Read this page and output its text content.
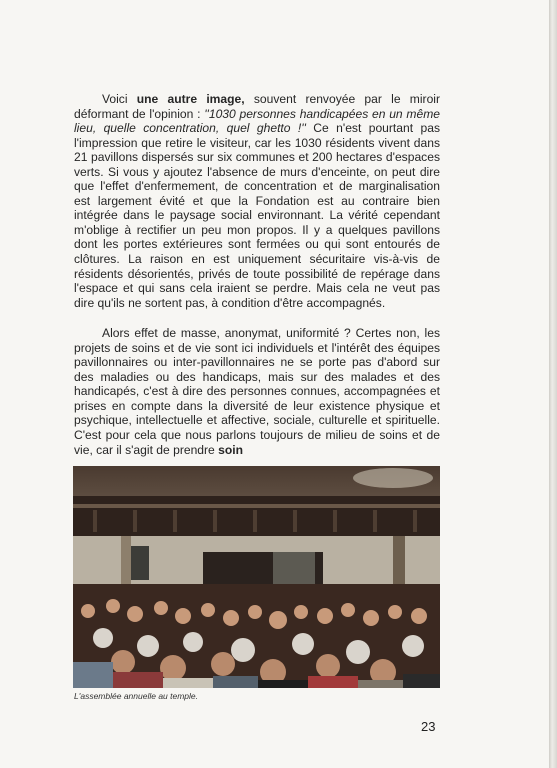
Voici une autre image, souvent renvoyée par le miroir déformant de l'opinion : ''1030 personnes handicapées en un même lieu, quelle concentration, quel ghetto !'' Ce n'est pourtant pas l'impression que retire le visiteur, car les 1030 résidents vivent dans 21 pavillons dispersés sur six communes et 200 hectares d'espaces verts. Si vous y ajoutez l'absence de murs d'enceinte, on peut dire que l'effet d'enfermement, de concentration et de marginalisation est largement évité et que la Fondation est au contraire bien intégrée dans le paysage social environnant. La vérité cependant m'oblige à rectifier un peu mon propos. Il y a quelques pavillons dont les portes extérieures sont fermées ou qui sont entourés de clôtures. La raison en est uniquement sécuritaire vis-à-vis de résidents désorientés, privés de toute possibilité de repérage dans l'espace et qui sans cela iraient se perdre. Mais cela ne veut pas dire qu'ils ne sortent pas, à condition d'être accompagnés.

Alors effet de masse, anonymat, uniformité ? Certes non, les projets de soins et de vie sont ici individuels et l'intérêt des équipes pavillonnaires ou inter-pavillonnaires ne se porte pas d'abord sur des maladies ou des handicaps, mais sur des malades et des handicapés, c'est à dire des personnes connues, accompagnées et prises en compte dans la diversité de leur existence physique et psychique, intellectuelle et affective, sociale, culturelle et spirituelle. C'est pour cela que nous parlons toujours de milieu de soins et de vie, car il s'agit de prendre soin

L'assemblée annuelle au temple.
23
